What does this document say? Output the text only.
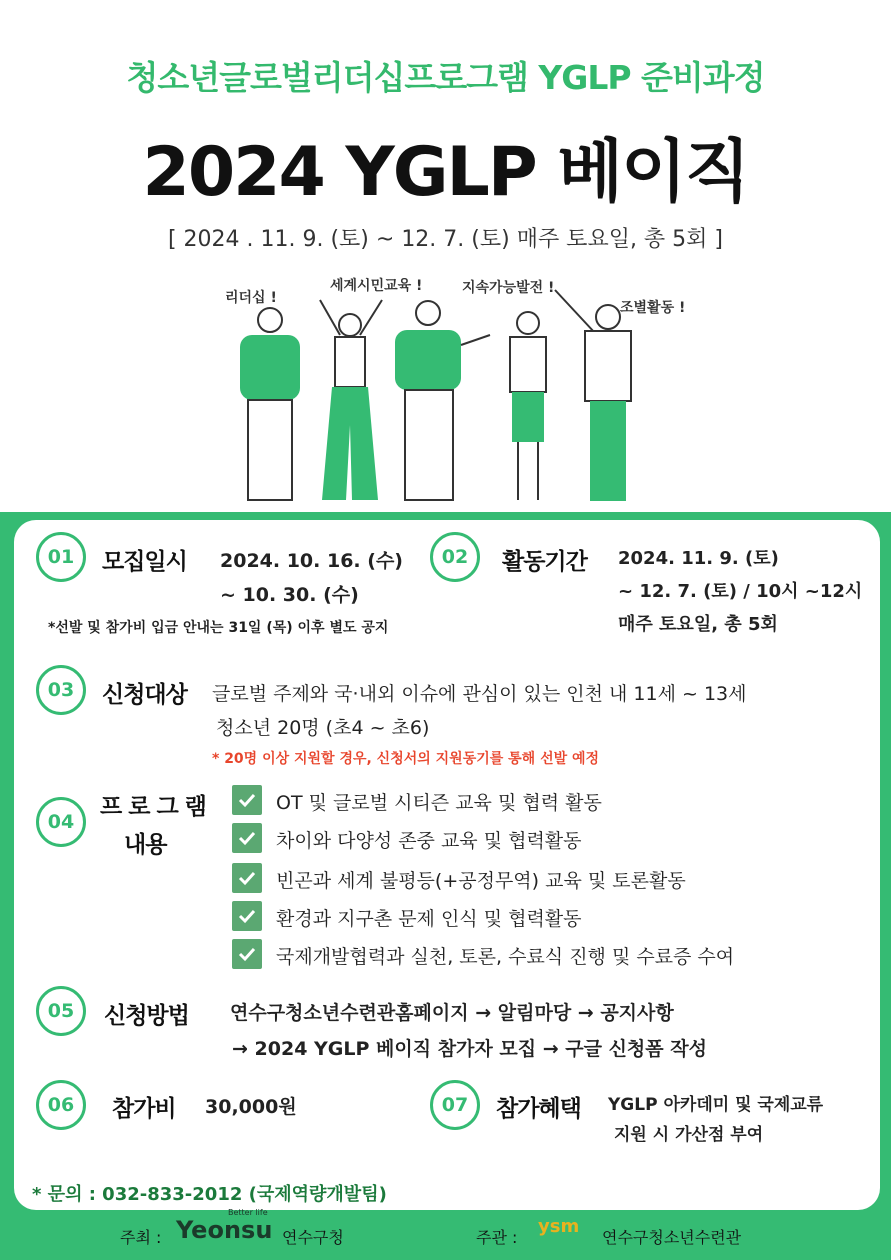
청소년글로벌리더십프로그램 YGLP 준비과정
2024 YGLP 베이직
[ 2024 . 11. 9. (토) ~ 12. 7. (토) 매주 토요일, 총 5회 ]
리더십 !
세계시민교육 !	지속가능발전 !
조별활동 !
01	모집일시 2024. 10. 16. (수)
~ 10. 30. (수)
*선발 및 참가비 입금 안내는 31일 (목) 이후 별도 공지
02	활동기간 2024. 11. 9. (토)
~ 12. 7. (토) / 10시 ~12시
매주 토요일, 총 5회
03	신청대상 글로벌 주제와 국·내외 이슈에 관심이 있는 인천 내 11세 ~ 13세
청소년 20명 (초4 ~ 초6)
* 20명 이상 지원할 경우, 신청서의 지원동기를 통해 선발 예정
04
프 로 그 램
내용
OT 및 글로벌 시티즌 교육 및 협력 활동
차이와 다양성 존중 교육 및 협력활동
빈곤과 세계 불평등(+공정무역) 교육 및 토론활동
환경과 지구촌 문제 인식 및 협력활동
국제개발협력과 실천, 토론, 수료식 진행 및 수료증 수여
05	신청방법 연수구청소년수련관홈페이지 → 알림마당 → 공지사항
→ 2024 YGLP 베이직 참가자 모집 → 구글 신청폼 작성
06	참가비 30,000원	07	참가혜택 YGLP 아카데미 및 국제교류
지원 시 가산점 부여
* 문의 : 032-833-2012 (국제역량개발팀)
주최 : Yeonsu
Better life
연수구청	주관 :
ysm
연수구청소년수련관
